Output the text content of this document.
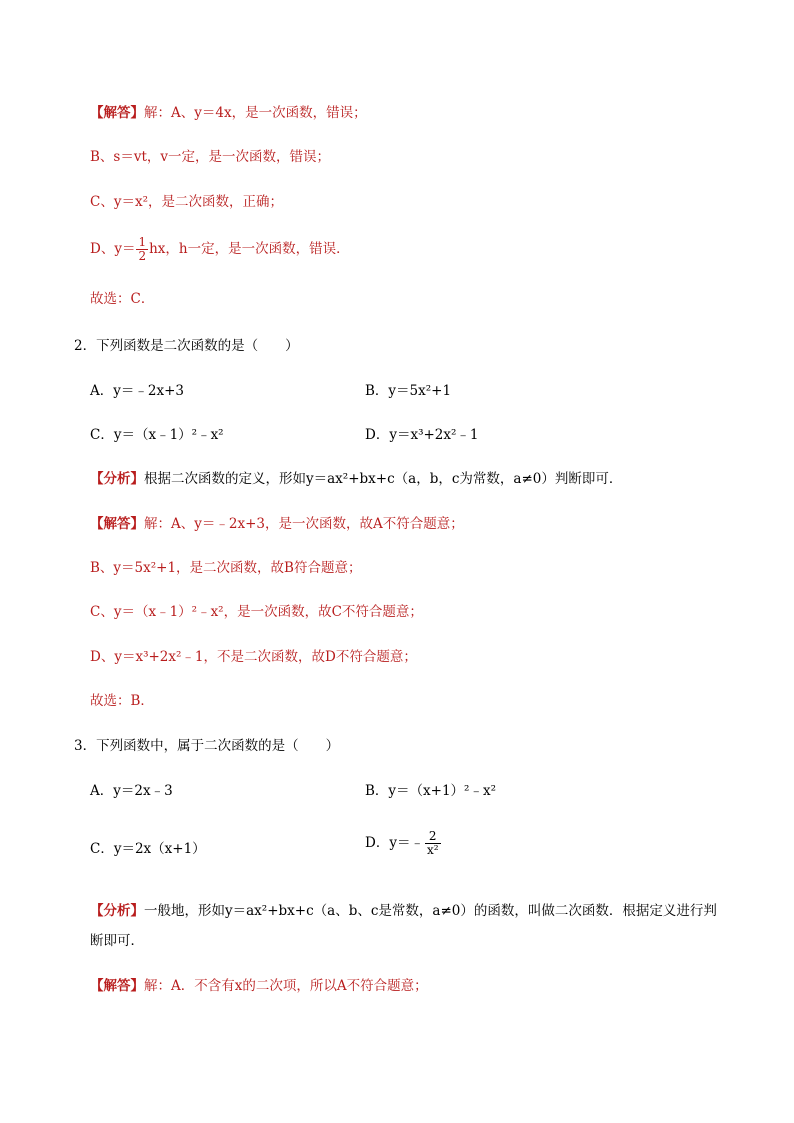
【解答】解：A、y＝4x，是一次函数，错误；
B、s＝vt，v一定，是一次函数，错误；
C、y＝x²，是二次函数，正确；
D、$y= \frac{1}{2}$ hx，h一定，是一次函数，错误．
故选：C．
2．下列函数是二次函数的是（　　）
A．y＝﹣2x+3	B．y＝5x²+1
C．y＝（x﹣1）²﹣x²	D．y＝x³+2x²﹣1
【分析】根据二次函数的定义，形如y＝ax²+bx+c（a，b，c为常数，a≠0）判断即可．
【解答】解：A、y＝﹣2x+3，是一次函数，故A不符合题意；
B、y＝5x²+1，是二次函数，故B符合题意；
C、y＝（x﹣1）²﹣x²，是一次函数，故C不符合题意；
D、y＝x³+2x²﹣1，不是二次函数，故D不符合题意；
故选：B．
3．下列函数中，属于二次函数的是（　　）
A．y＝2x﹣3	B．y＝（x+1）²﹣x²
C．y＝2x（x+1）	D．y＝﹣ $\frac{2}{\text{x²}}$
【分析】一般地，形如y＝ax²+bx+c（a、b、c是常数，a≠0）的函数，叫做二次函数．根据定义进行判
断即可．
【解答】解：A．不含有x的二次项，所以A不符合题意；
